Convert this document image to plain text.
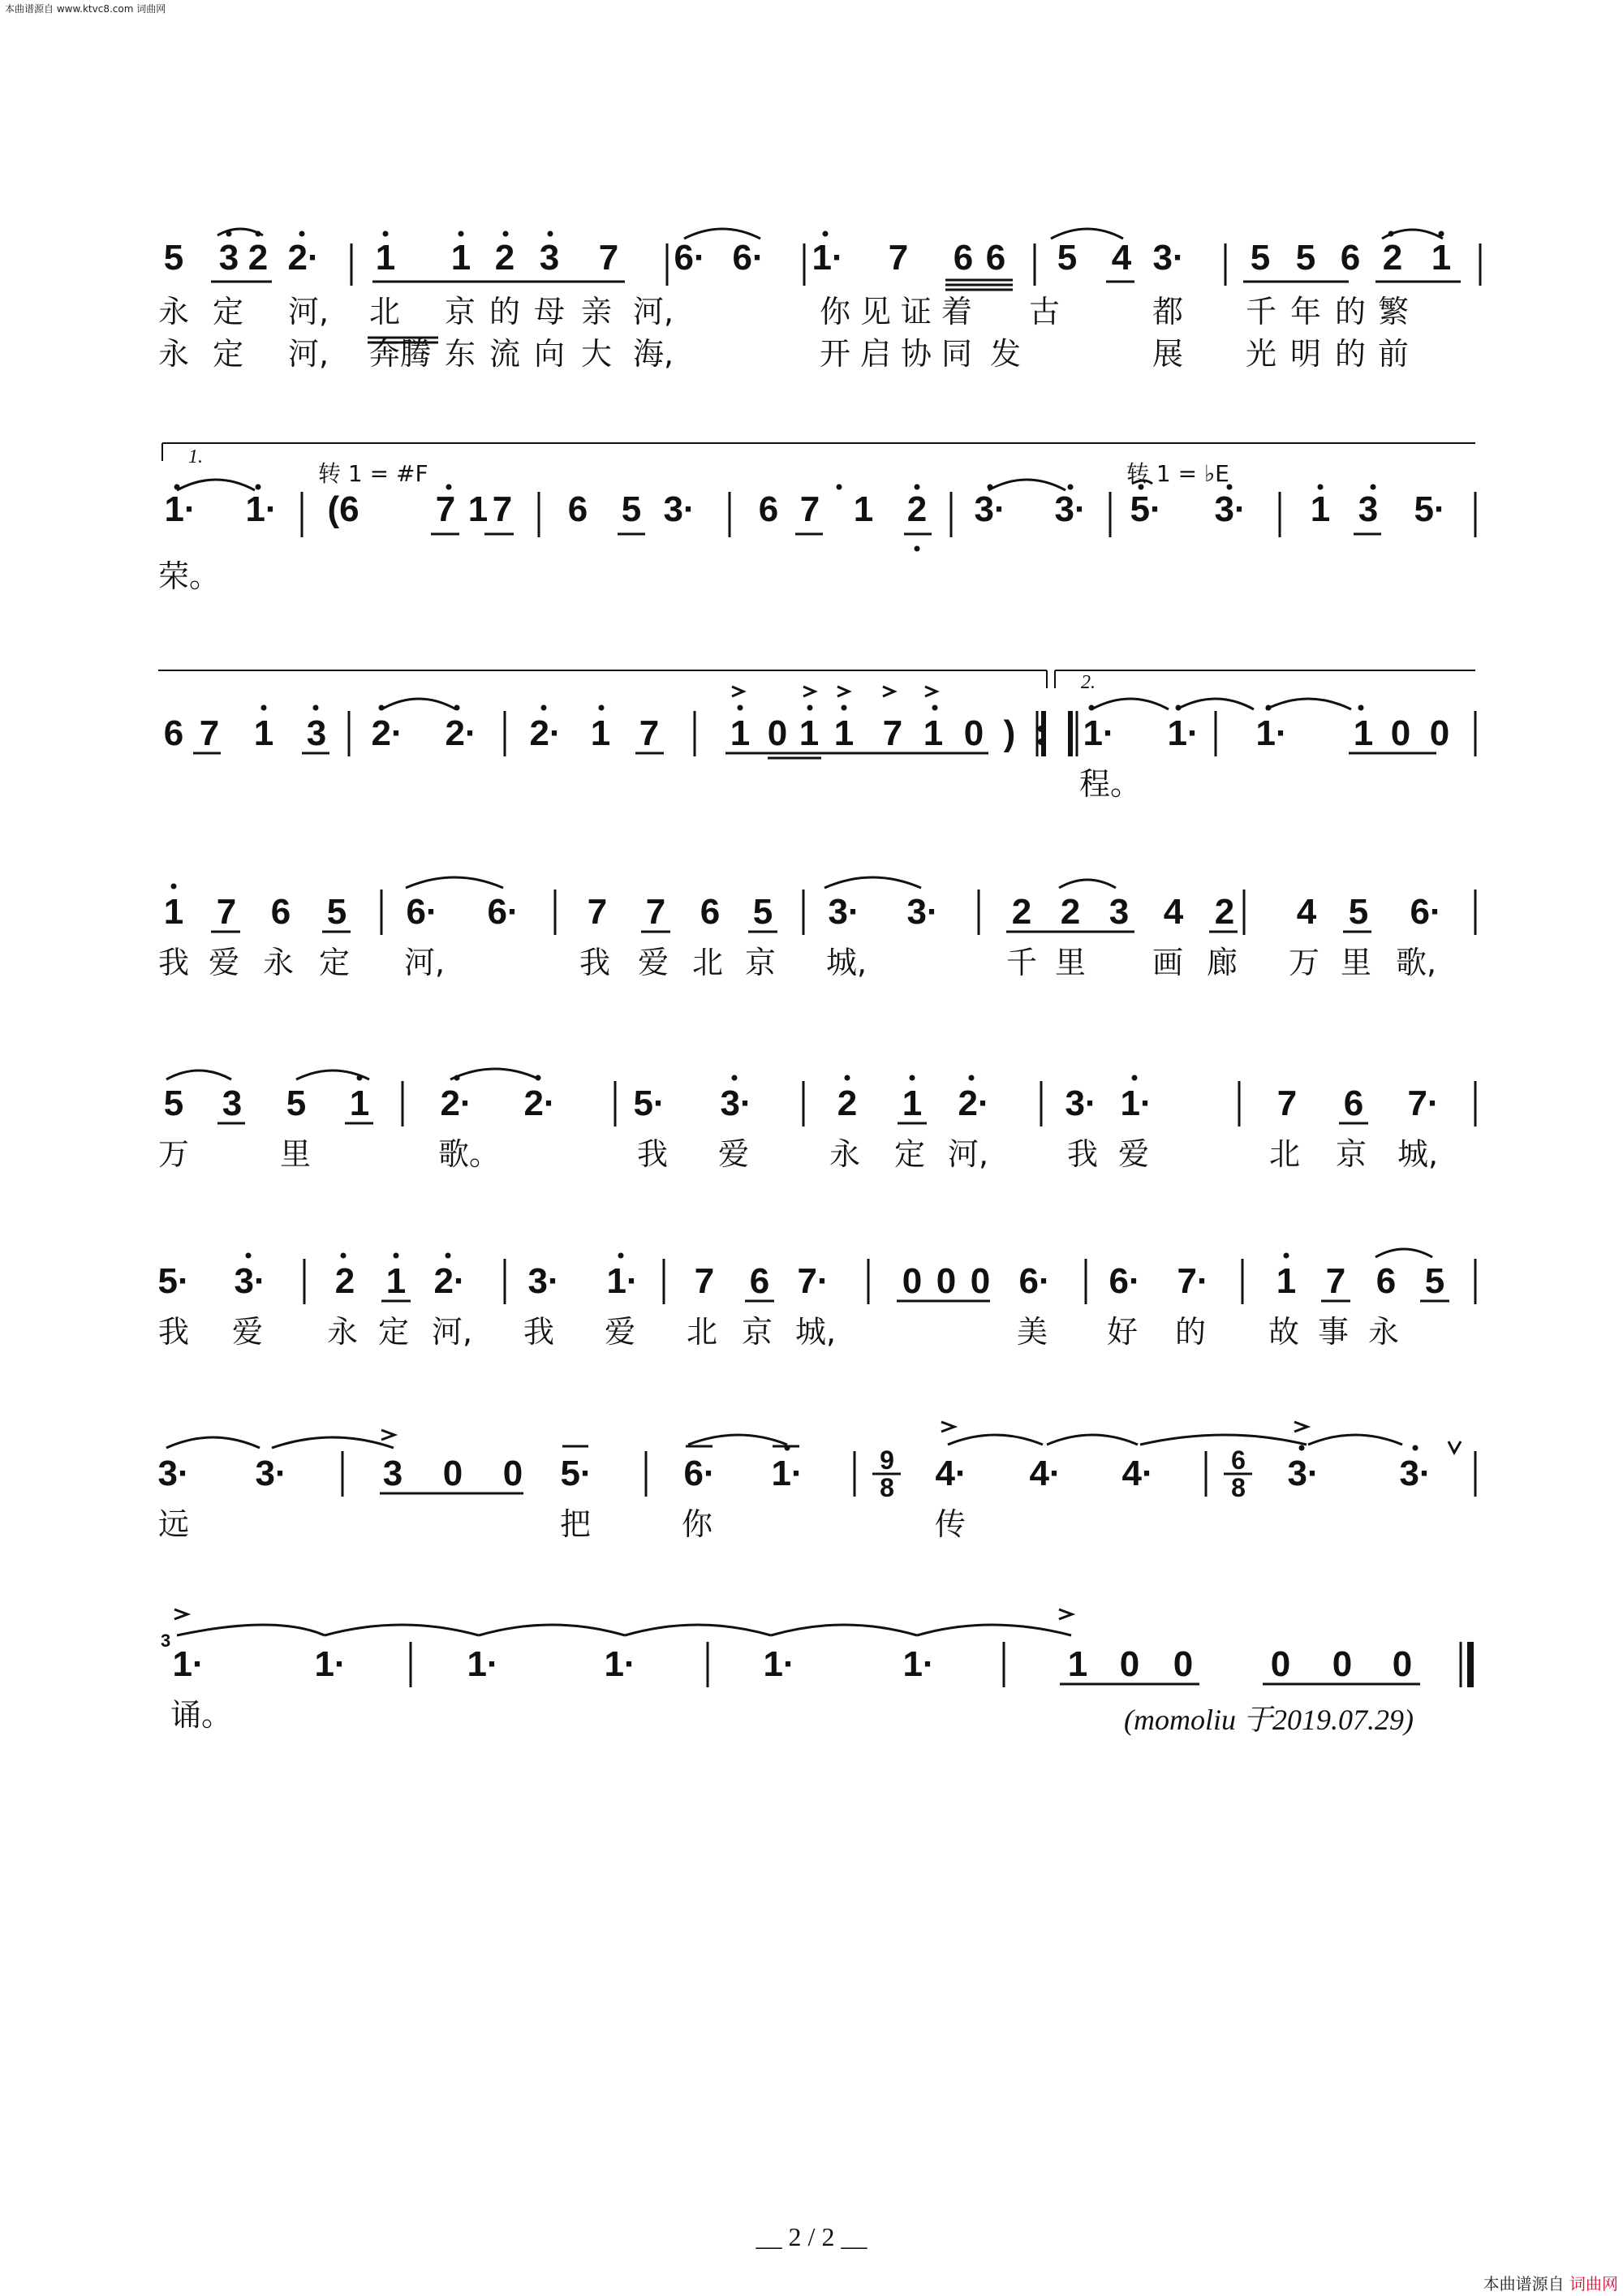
本曲谱源自 www.ktvc8.com 词曲网
5 3 2 2· 1 1 2 3 7 6· 6· 1· 7 6 6 5 4 3· 5 5 6 2 1
永 定 河, 北 京 的 母 亲 河,	你 见 证 着 古	都 千 年 的 繁
永 定 河, 奔腾 东 流 向 大 海,	开 启 协 同 发	展 光 明 的 前
1.
转 1 = #F	转 1 = ♭E
1· 1·	(6	7 1 7 6 5 3· 6 7 1 2 3· 3· 5· 3· 1 3 5·
荣。
2.
6 7 1 3 2· 2· 2· 1 7 1 0 1 1 7 1 0 )	1· 1· 1· 1 0 0
程。
1 7 6 5 6· 6· 7 7 6 5 3· 3· 2 2 3 4 2 4 5 6·
我 爱 永 定 河,	我 爱 北 京 城,	千 里 画 廊 万 里 歌,
5 3 5 1 2· 2· 5· 3· 2 1 2· 3· 1·	7 6 7·
万	里	歌。	我 爱	永 定 河,	我 爱	北 京 城,
5· 3· 2 1 2· 3· 1· 7 6 7· 0 0 0 6· 6· 7· 1 7 6 5
我 爱 永 定 河, 我 爱 北 京 城,	美 好 的 故 事 永
9
8
6
8
3· 3·	3 0 0 5·	6· 1·	4· 4· 4·	3· 3·
远	把	你	传
3
1·	1·	1·	1·	1·	1·	1 0 0 0 0 0
诵。	(momoliu 于2019.07.29)
__ 2 / 2 __
本曲谱源自 词曲网
